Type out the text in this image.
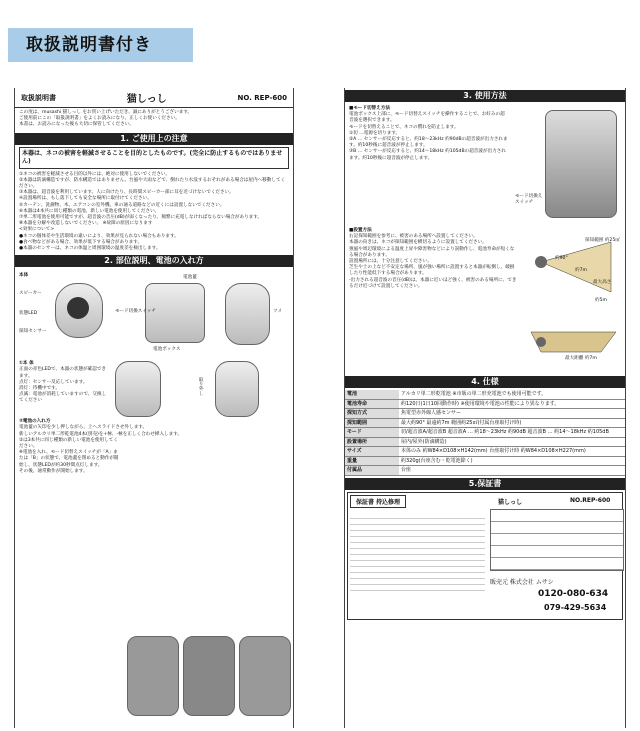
取扱説明書付き
取扱説明書	猫しっし	NO. REP-600
この度は、musashi 猫しっし をお買い上げいただき、誠にありがとうございます。
ご使用前にこの「取扱説明書」をよくお読みになり、正しくお使いください。
本書は、お読みになった後も大切に保管してください。
1. ご使用上の注意
本器は、ネコの被害を軽減させることを目的としたものです。(完全に防止するものではありません)
①ネコの被害を軽減させる目的以外には、絶対に使用しないでください。
②本器は防滴構造ですが、防水構造ではありません。台風や大雨などで、倒れたり水没するおそれがある場合は屋内へ移動してください。
③本器は、超音波を利用しています。人に向けたり、長時間スピーカー部に耳を近づけないでください。
④設置場所は、もし落下しても安全な場所に取付けてください。
⑤カーテン、洗濯物、木、エアコンの室外機、車の通る道路などの近くには設置しないでください。
⑥本器は4本共に同じ種類の電池、新しい電池を使用してください。
⑦単二形電池を使用可能ですが、超音波の音圧(dB)が弱くなったり、頻繁に充電しなければならない場合があります。
⑧本器を分解や改造しないでください。 ※故障の原因になります
<効果について>
●ネコの個体差や生活環境の違いにより、効果が見られない場合もあります。
●食べ物などがある場合、効果が低下する場合があります。
●本器のセンサーは、ネコの体温と周囲環境の温度差を検出します。
2. 部位説明、電池の入れ方
スピーカー
状態LED
探知センサー
モード切換スイッチ
電池ボックス
電池蓋
ツメ
本体
取り外し
①本 体
正面の赤色LEDで、本器の状態が確認できます。
点灯：センサー反応しています。
消灯：待機中です。
点滅：電池が消耗していますので、交換してください
②電池の入れ方
電池蓋の矢印を少し押しながら、上へスライドさせ外します。
新しいアルカリ単二形乾電池4本(別売)を+極、-極を正しく合わせ挿入します。
②は3本共に同じ種類の新しい電池を使用してください。
※電池を入れ、モード切替えスイッチが「A」または「B」の状態で、電池蓋を閉めると動作が開始し、状態LEDが約30秒間点灯します。
その後、通常動作が開始します。
3. 使用方法
■モード切替え方法
電池ボックス上部に、モード切替えスイッチを操作することで、お好みの超音波を選択できます。
モードを切替えることで、ネコの慣れを防止します。
①切 …電源を切ります。
②A … センサーが反応すると、約18〜23kHz 約90dBの超音波が出力されます。約10秒後に超音波が停止します。
③B … センサーが反応すると、約14〜18kHz 約105dBの超音波が出力されます。約10秒後に超音波が停止します。
モード切換え スイッチ
■設置方法
右記探知範囲を参考に、被害のある場所へ設置してください。
本器の向きは、ネコが探知範囲を横切るように設置してください。
強風や周辺環境による温度上昇や障害物などにより誤動作し、電池寿命が短くなる場合があります。
設置場所には、十分注意してください。
芝生や土の上など不安定な場所、風が強い場所に設置すると本器が転倒し、破損したり性能低下する場合があります。
-出力される超音波の音圧(dB)は、本器に近いほど強く、被害のある場所に、できるだけ近づけて設置してください。
探知範囲 約25㎡
約90°
約7m
約5m
最大高さ
最大距離 約7m
4. 仕様
電池	アルカリ単二形乾電池 ※市販の単二形充電池でも使用可能です。
電池寿命	約120日(1日10回動作時) ※使用環境や電池の性能により異なります。
探知方式	焦電型赤外線人感センサー
探知範囲	最大約90° 最遠約7m 範囲約25㎡(付属台座取付け時)
モード	切/超音波A/超音波B 超音波A … 約18〜23kHz 約90dB 超音波B … 約14〜18kHz 約105dB
設置場所	屋内/屋外(防滴構造)
サイズ	本体のみ 約W84×D108×H142(mm) 台座取付け時 約W84×D108×H227(mm)
重量	約320g(台座含む・乾電池除く)
付属品	台座
5.保証書
保証書 持込修理	猫しっし	NO.REP-600
販売元 株式会社 ムサシ
0120-080-634
079-429-5634
